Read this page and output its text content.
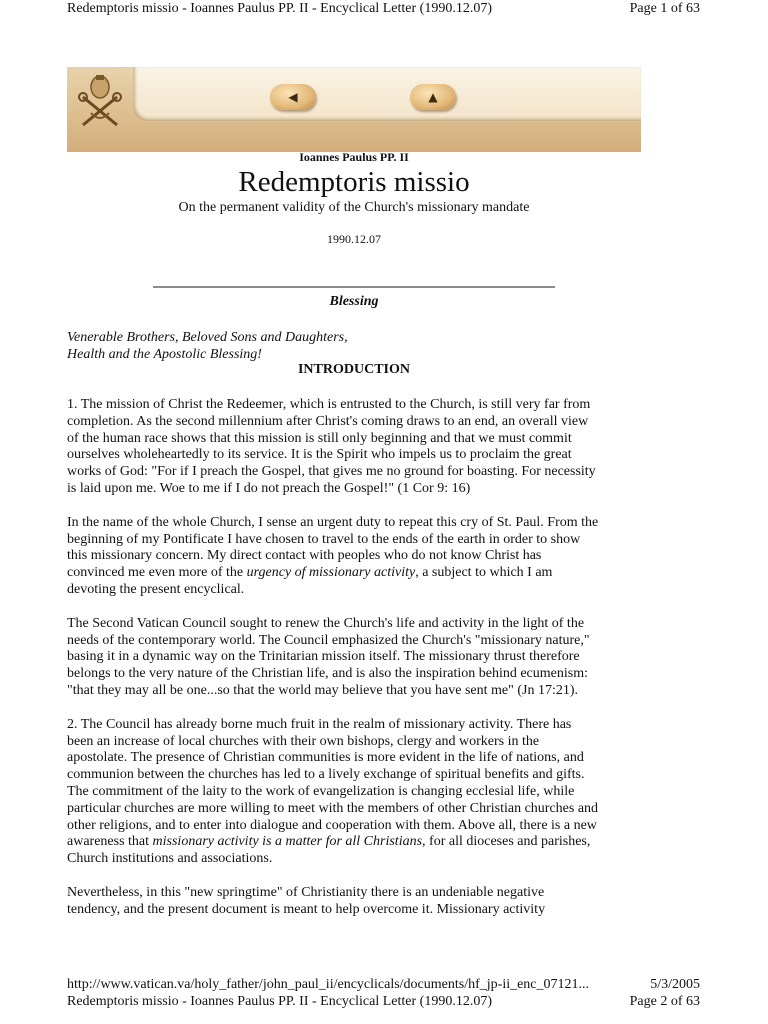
Redemptoris missio - Ioannes Paulus PP. II - Encyclical Letter (1990.12.07)	Page 1 of 63
◀	▲
Ioannes Paulus PP. II
Redemptoris missio
On the permanent validity of the Church's missionary mandate
1990.12.07
Blessing
Venerable Brothers, Beloved Sons and Daughters,
Health and the Apostolic Blessing!
INTRODUCTION

1. The mission of Christ the Redeemer, which is entrusted to the Church, is still very far from
completion. As the second millennium after Christ's coming draws to an end, an overall view
of the human race shows that this mission is still only beginning and that we must commit
ourselves wholeheartedly to its service. It is the Spirit who impels us to proclaim the great
works of God: "For if I preach the Gospel, that gives me no ground for boasting. For necessity
is laid upon me. Woe to me if I do not preach the Gospel!" (1 Cor 9: 16)

In the name of the whole Church, I sense an urgent duty to repeat this cry of St. Paul. From the
beginning of my Pontificate I have chosen to travel to the ends of the earth in order to show
this missionary concern. My direct contact with peoples who do not know Christ has
convinced me even more of the urgency of missionary activity, a subject to which I am
devoting the present encyclical.

The Second Vatican Council sought to renew the Church's life and activity in the light of the
needs of the contemporary world. The Council emphasized the Church's "missionary nature,"
basing it in a dynamic way on the Trinitarian mission itself. The missionary thrust therefore
belongs to the very nature of the Christian life, and is also the inspiration behind ecumenism:
"that they may all be one...so that the world may believe that you have sent me" (Jn 17:21).

2. The Council has already borne much fruit in the realm of missionary activity. There has
been an increase of local churches with their own bishops, clergy and workers in the
apostolate. The presence of Christian communities is more evident in the life of nations, and
communion between the churches has led to a lively exchange of spiritual benefits and gifts.
The commitment of the laity to the work of evangelization is changing ecclesial life, while
particular churches are more willing to meet with the members of other Christian churches and
other religions, and to enter into dialogue and cooperation with them. Above all, there is a new
awareness that missionary activity is a matter for all Christians, for all dioceses and parishes,
Church institutions and associations.

Nevertheless, in this "new springtime" of Christianity there is an undeniable negative
tendency, and the present document is meant to help overcome it. Missionary activity

http://www.vatican.va/holy_father/john_paul_ii/encyclicals/documents/hf_jp-ii_enc_07121...	5/3/2005
Redemptoris missio - Ioannes Paulus PP. II - Encyclical Letter (1990.12.07)	Page 2 of 63
